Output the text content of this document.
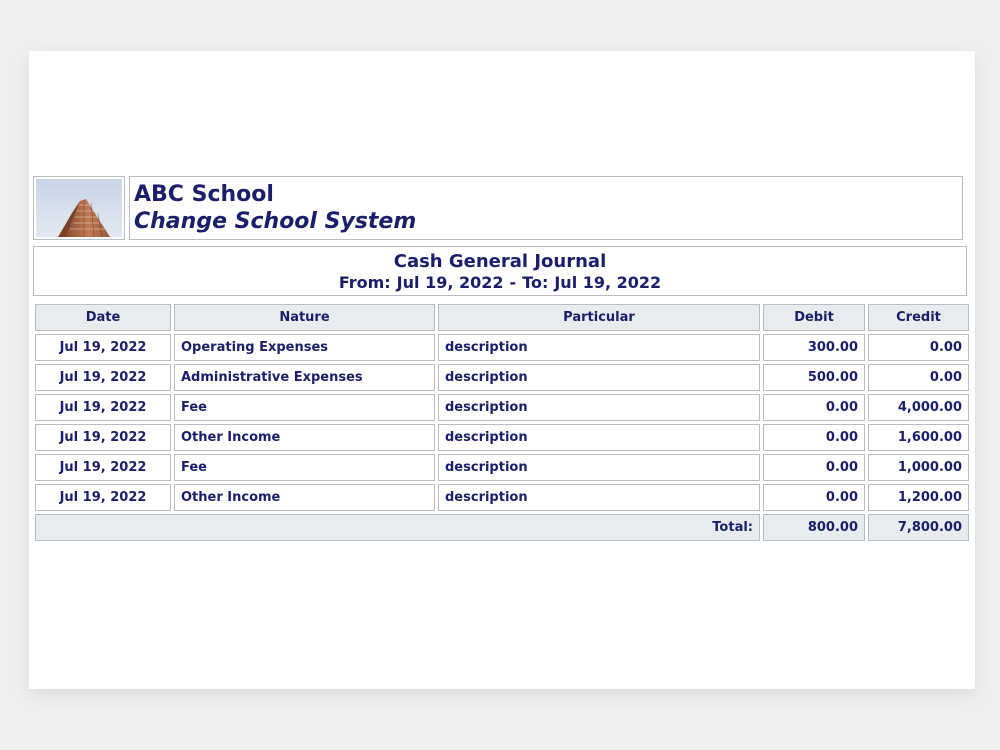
ABC School
Change School System
Cash General Journal
From: Jul 19, 2022 - To: Jul 19, 2022
Date	Nature	Particular	Debit	Credit
Jul 19, 2022	Operating Expenses	description	300.00	0.00
Jul 19, 2022	Administrative Expenses	description	500.00	0.00
Jul 19, 2022	Fee	description	0.00	4,000.00
Jul 19, 2022	Other Income	description	0.00	1,600.00
Jul 19, 2022	Fee	description	0.00	1,000.00
Jul 19, 2022	Other Income	description	0.00	1,200.00
Total:			800.00	7,800.00
